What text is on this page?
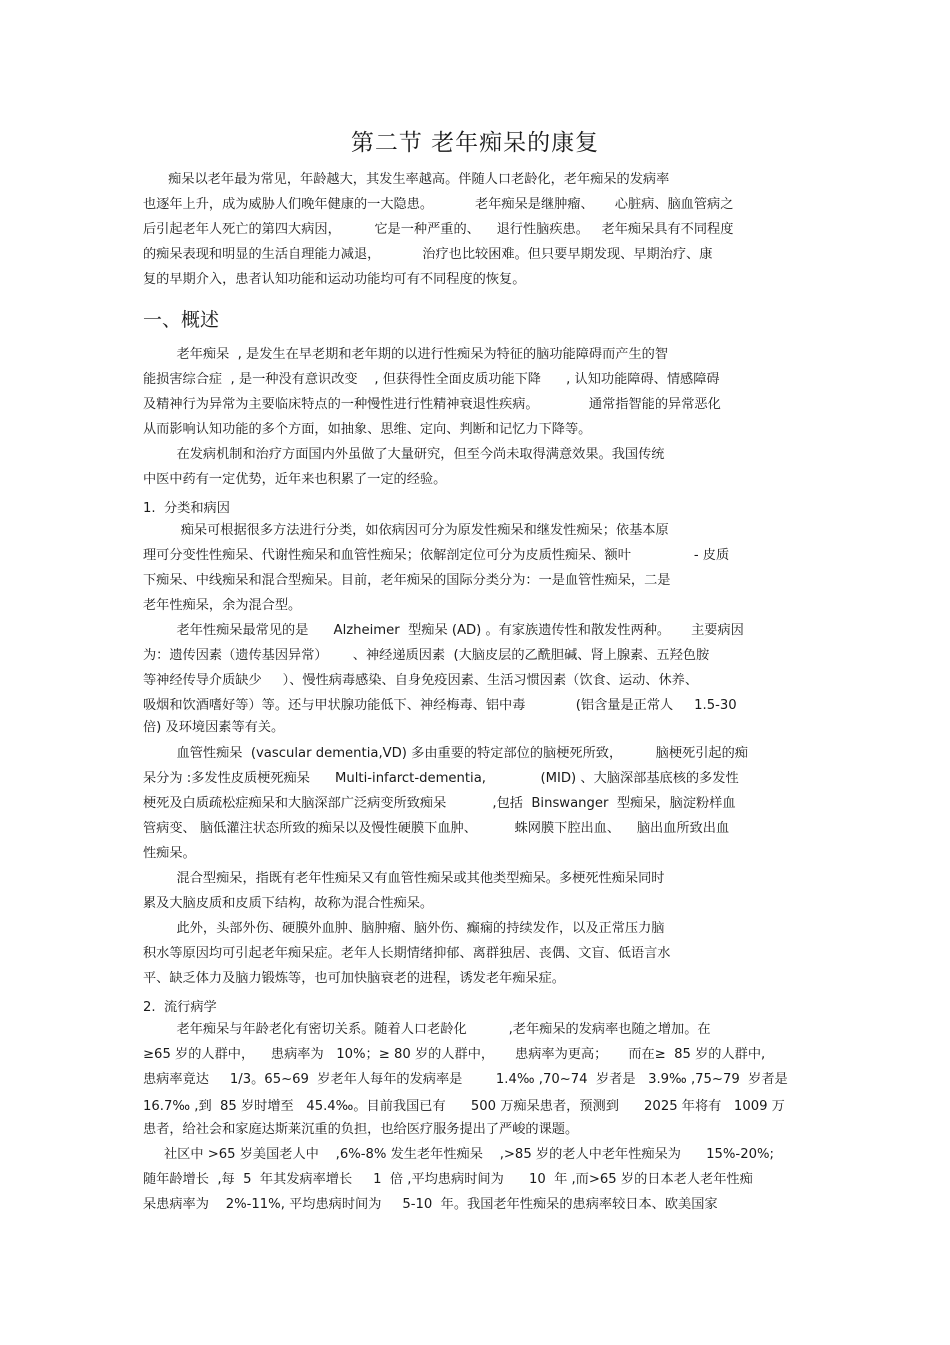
第二节 老年痴呆的康复
痴呆以老年最为常见，年龄越大，其发生率越高。伴随人口老龄化，老年痴呆的发病率
也逐年上升，成为威胁人们晚年健康的一大隐患。          老年痴呆是继肿瘤、     心脏病、脑血管病之
后引起老年人死亡的第四大病因，        它是一种严重的、    退行性脑疾患。   老年痴呆具有不同程度
的痴呆表现和明显的生活自理能力减退，          治疗也比较困难。但只要早期发现、早期治疗、康
复的早期介入，患者认知功能和运动功能均可有不同程度的恢复。
一、概述
老年痴呆  , 是发生在早老期和老年期的以进行性痴呆为特征的脑功能障碍而产生的智
能损害综合症  , 是一种没有意识改变    , 但获得性全面皮质功能下降      , 认知功能障碍、情感障碍
及精神行为异常为主要临床特点的一种慢性进行性精神衰退性疾病。            通常指智能的异常恶化
从而影响认知功能的多个方面，如抽象、思维、定向、判断和记忆力下降等。
在发病机制和治疗方面国内外虽做了大量研究，但至今尚未取得满意效果。我国传统
中医中药有一定优势，近年来也积累了一定的经验。
1.  分类和病因
痴呆可根据很多方法进行分类，如依病因可分为原发性痴呆和继发性痴呆；依基本原
理可分变性性痴呆、代谢性痴呆和血管性痴呆；依解剖定位可分为皮质性痴呆、额叶               - 皮质
下痴呆、中线痴呆和混合型痴呆。目前，老年痴呆的国际分类分为：一是血管性痴呆，二是
老年性痴呆，余为混合型。
老年性痴呆最常见的是      Alzheimer  型痴呆 (AD) 。有家族遗传性和散发性两种。     主要病因
为：遗传因素（遗传基因异常）      、神经递质因素  (大脑皮层的乙酰胆碱、肾上腺素、五羟色胺
等神经传导介质缺少     ）、慢性病毒感染、自身免疫因素、生活习惯因素（饮食、运动、休养、
吸烟和饮酒嗜好等）等。还与甲状腺功能低下、神经梅毒、铝中毒            (铝含量是正常人     1.5-30
倍) 及环境因素等有关。
血管性痴呆  (vascular dementia,VD) 多由重要的特定部位的脑梗死所致，        脑梗死引起的痴
呆分为 :多发性皮质梗死痴呆      Multi-infarct-dementia,             (MID) 、大脑深部基底核的多发性
梗死及白质疏松症痴呆和大脑深部广泛病变所致痴呆           ,包括  Binswanger  型痴呆，脑淀粉样血
管病变、 脑低灌注状态所致的痴呆以及慢性硬膜下血肿、         蛛网膜下腔出血、    脑出血所致出血
性痴呆。
混合型痴呆，指既有老年性痴呆又有血管性痴呆或其他类型痴呆。多梗死性痴呆同时
累及大脑皮质和皮质下结构，故称为混合性痴呆。
此外，头部外伤、硬膜外血肿、脑肿瘤、脑外伤、癫痫的持续发作，以及正常压力脑
积水等原因均可引起老年痴呆症。老年人长期情绪抑郁、离群独居、丧偶、文盲、低语言水
平、缺乏体力及脑力锻炼等，也可加快脑衰老的进程，诱发老年痴呆症。
2.  流行病学
老年痴呆与年龄老化有密切关系。随着人口老龄化          ,老年痴呆的发病率也随之增加。在
≥65 岁的人群中，    患病率为   10%；≥ 80 岁的人群中，     患病率为更高；     而在≥  85 岁的人群中,
患病率竟达     1/3。65~69  岁老年人每年的发病率是        1.4‰ ,70~74  岁者是   3.9‰ ,75~79  岁者是
16.7‰ ,到  85 岁时增至   45.4‰。目前我国已有      500 万痴呆患者，预测到      2025 年将有   1009 万
患者，给社会和家庭达斯莱沉重的负担，也给医疗服务提出了严峻的课题。
社区中 >65 岁美国老人中    ,6%-8% 发生老年性痴呆    ,>85 岁的老人中老年性痴呆为      15%-20%;
随年龄增长  ,每  5  年其发病率增长     1  倍 ,平均患病时间为      10  年 ,而>65 岁的日本老人老年性痴
呆患病率为    2%-11%, 平均患病时间为     5-10  年。我国老年性痴呆的患病率较日本、欧美国家
